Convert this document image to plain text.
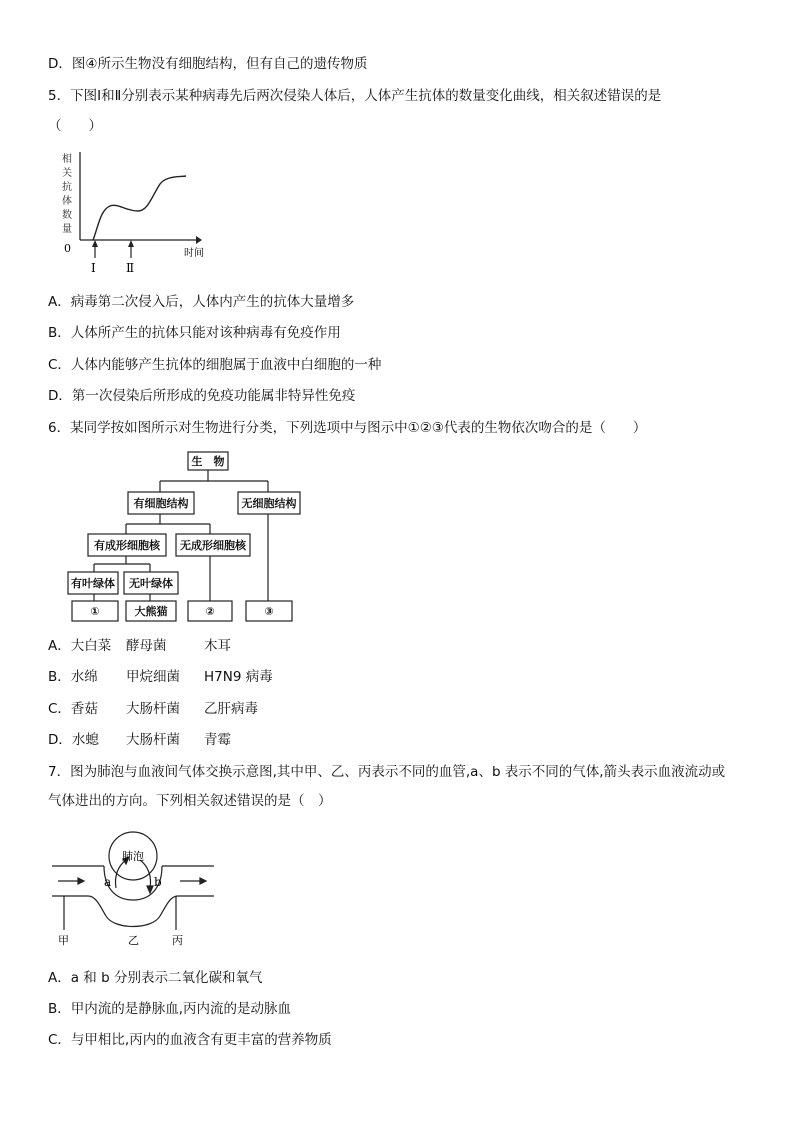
D．图④所示生物没有细胞结构，但有自己的遗传物质
5．下图Ⅰ和Ⅱ分别表示某种病毒先后两次侵染人体后，人体产生抗体的数量变化曲线，相关叙述错误的是
（　　）
相
关
抗
体
数
量
0	时间
Ⅰ	Ⅱ
A．病毒第二次侵入后，人体内产生的抗体大量增多
B．人体所产生的抗体只能对该种病毒有免疫作用
C．人体内能够产生抗体的细胞属于血液中白细胞的一种
D．第一次侵染后所形成的免疫功能属非特异性免疫
6．某同学按如图所示对生物进行分类，下列选项中与图示中①②③代表的生物依次吻合的是（　　）
生　物
有细胞结构	无细胞结构
有成形细胞核 无成形细胞核
有叶绿体 无叶绿体
①	大熊猫	②	③
A．大白菜 酵母菌	木耳
B．水绵 甲烷细菌 H7N9 病毒
C．香菇 大肠杆菌 乙肝病毒
D．水螅 大肠杆菌 青霉
7．图为肺泡与血液间气体交换示意图,其中甲、乙、丙表示不同的血管,a、b 表示不同的气体,箭头表示血液流动或
气体进出的方向。下列相关叙述错误的是（　）
肺泡
a	b
甲	乙	丙
A．a 和 b 分别表示二氧化碳和氧气
B．甲内流的是静脉血,丙内流的是动脉血
C．与甲相比,丙内的血液含有更丰富的营养物质
